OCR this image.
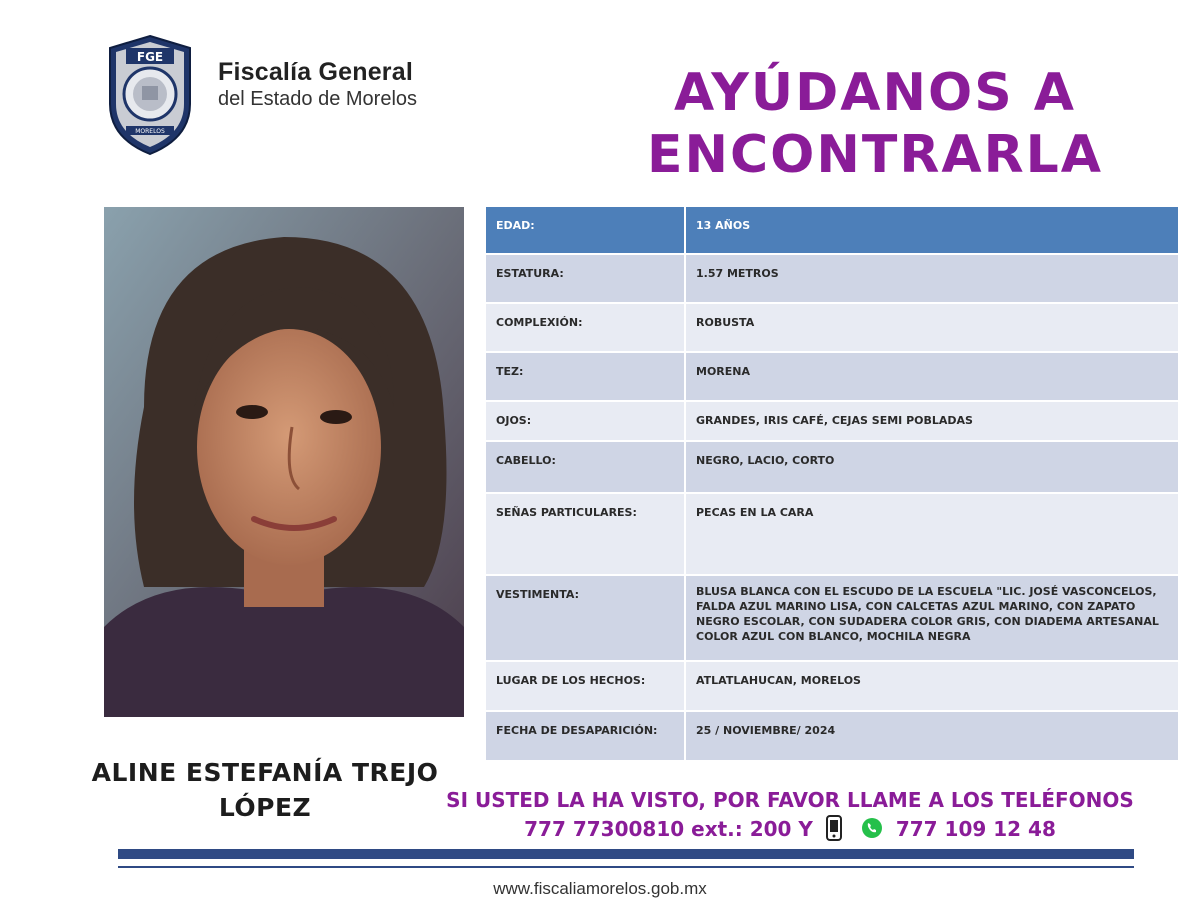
FGE
MORELOS
Fiscalía General
del Estado de Morelos	AYÚDANOS A
ENCONTRARLA
EDAD:	13 AÑOS
ESTATURA:	1.57 METROS
COMPLEXIÓN:	ROBUSTA
TEZ:	MORENA
OJOS:	GRANDES, IRIS CAFÉ, CEJAS SEMI POBLADAS
CABELLO:	NEGRO, LACIO, CORTO
SEÑAS PARTICULARES:	PECAS EN LA CARA
VESTIMENTA:	BLUSA BLANCA CON EL ESCUDO DE LA ESCUELA "LIC. JOSÉ VASCONCELOS, FALDA AZUL MARINO LISA, CON CALCETAS AZUL MARINO, CON ZAPATO NEGRO ESCOLAR, CON SUDADERA COLOR GRIS, CON DIADEMA ARTESANAL COLOR AZUL CON BLANCO, MOCHILA NEGRA
LUGAR DE LOS HECHOS:	ATLATLAHUCAN, MORELOS
FECHA DE DESAPARICIÓN:	25 / NOVIEMBRE/ 2024
ALINE ESTEFANÍA TREJO
LÓPEZ	SI USTED LA HA VISTO, POR FAVOR LLAME A LOS TELÉFONOS
777 77300810 ext.: 200 Y	777 109 12 48
www.fiscaliamorelos.gob.mx
